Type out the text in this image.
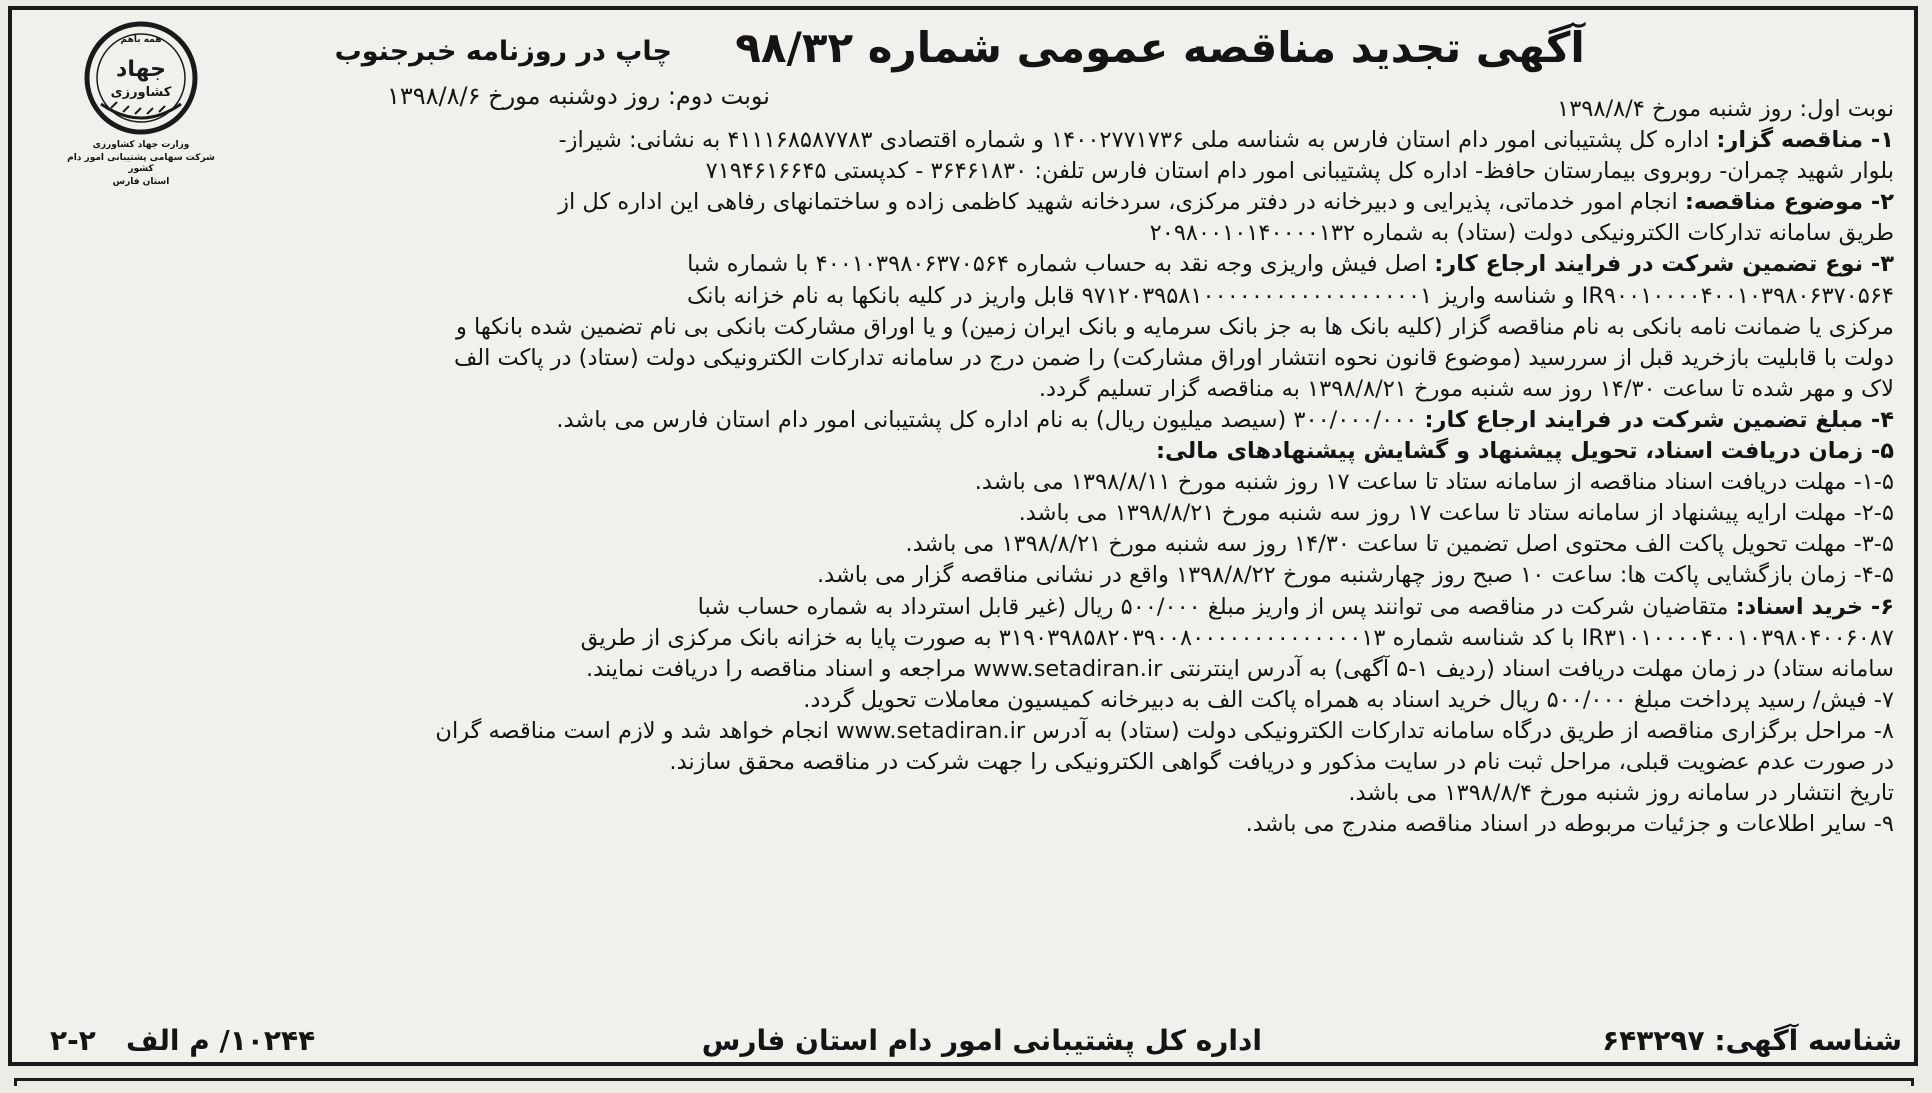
همه باهم
جهاد
کشاورزی
وزارت جهاد کشاورزی
شرکت سهامی پشتیبانی امور دام کشور
استان فارس
چاپ در روزنامه خبرجنوب	آگهی تجدید مناقصه عمومی شماره ۹۸/۳۲
نوبت دوم: روز دوشنبه مورخ ۱۳۹۸/۸/۶	نوبت اول: روز شنبه مورخ ۱۳۹۸/۸/۴
۱- مناقصه گزار: اداره کل پشتیبانی امور دام استان فارس به شناسه ملی ۱۴۰۰۲۷۷۱۷۳۶ و شماره اقتصادی ۴۱۱۱۶۸۵۸۷۷۸۳ به نشانی: شیراز-
بلوار شهید چمران- روبروی بیمارستان حافظ- اداره کل پشتیبانی امور دام استان فارس تلفن: ۳۶۴۶۱۸۳۰ - کدپستی ۷۱۹۴۶۱۶۶۴۵
۲- موضوع مناقصه: انجام امور خدماتی، پذیرایی و دبیرخانه در دفتر مرکزی، سردخانه شهید کاظمی زاده و ساختمانهای رفاهی این اداره کل از
طریق سامانه تدارکات الکترونیکی دولت (ستاد) به شماره ۲۰۹۸۰۰۱۰۱۴۰۰۰۰۱۳۲
۳- نوع تضمین شرکت در فرایند ارجاع کار: اصل فیش واریزی وجه نقد به حساب شماره ۴۰۰۱۰۳۹۸۰۶۳۷۰۵۶۴ با شماره شبا
IR۹۰۰۱۰۰۰۰۴۰۰۱۰۳۹۸۰۶۳۷۰۵۶۴ و شناسه واریز ۹۷۱۲۰۳۹۵۸۱۰۰۰۰۰۰۰۰۰۰۰۰۰۰۰۰۰۰۱ قابل واریز در کلیه بانکها به نام خزانه بانک
مرکزی یا ضمانت نامه بانکی به نام مناقصه گزار (کلیه بانک ها به جز بانک سرمایه و بانک ایران زمین) و یا اوراق مشارکت بانکی بی نام تضمین شده بانکها و
دولت با قابلیت بازخرید قبل از سررسید (موضوع قانون نحوه انتشار اوراق مشارکت) را ضمن درج در سامانه تدارکات الکترونیکی دولت (ستاد) در پاکت الف
لاک و مهر شده تا ساعت ۱۴/۳۰ روز سه شنبه مورخ ۱۳۹۸/۸/۲۱ به مناقصه گزار تسلیم گردد.
۴- مبلغ تضمین شرکت در فرایند ارجاع کار: ۳۰۰/۰۰۰/۰۰۰ (سیصد میلیون ریال) به نام اداره کل پشتیبانی امور دام استان فارس می باشد.
۵- زمان دریافت اسناد، تحویل پیشنهاد و گشایش پیشنهادهای مالی:
۱-۵- مهلت دریافت اسناد مناقصه از سامانه ستاد تا ساعت ۱۷ روز شنبه مورخ ۱۳۹۸/۸/۱۱ می باشد.
۲-۵- مهلت ارایه پیشنهاد از سامانه ستاد تا ساعت ۱۷ روز سه شنبه مورخ ۱۳۹۸/۸/۲۱ می باشد.
۳-۵- مهلت تحویل پاکت الف محتوی اصل تضمین تا ساعت ۱۴/۳۰ روز سه شنبه مورخ ۱۳۹۸/۸/۲۱ می باشد.
۴-۵- زمان بازگشایی پاکت ها: ساعت ۱۰ صبح روز چهارشنبه مورخ ۱۳۹۸/۸/۲۲ واقع در نشانی مناقصه گزار می باشد.
۶- خرید اسناد: متقاضیان شرکت در مناقصه می توانند پس از واریز مبلغ ۵۰۰/۰۰۰ ریال (غیر قابل استرداد به شماره حساب شبا
IR۳۱۰۱۰۰۰۰۴۰۰۱۰۳۹۸۰۴۰۰۶۰۸۷ با کد شناسه شماره ۳۱۹۰۳۹۸۵۸۲۰۳۹۰۰۸۰۰۰۰۰۰۰۰۰۰۰۰۰۰۱۳ به صورت پایا به خزانه بانک مرکزی از طریق
سامانه ستاد) در زمان مهلت دریافت اسناد (ردیف ۱-۵ آگهی) به آدرس اینترنتی www.setadiran.ir مراجعه و اسناد مناقصه را دریافت نمایند.
۷- فیش/ رسید پرداخت مبلغ ۵۰۰/۰۰۰ ریال خرید اسناد به همراه پاکت الف به دبیرخانه کمیسیون معاملات تحویل گردد.
۸- مراحل برگزاری مناقصه از طریق درگاه سامانه تدارکات الکترونیکی دولت (ستاد) به آدرس www.setadiran.ir انجام خواهد شد و لازم است مناقصه گران
در صورت عدم عضویت قبلی، مراحل ثبت نام در سایت مذکور و دریافت گواهی الکترونیکی را جهت شرکت در مناقصه محقق سازند.
تاریخ انتشار در سامانه روز شنبه مورخ ۱۳۹۸/۸/۴ می باشد.
۹- سایر اطلاعات و جزئیات مربوطه در اسناد مناقصه مندرج می باشد.
شناسه آگهی: ۶۴۳۲۹۷
اداره کل پشتیبانی امور دام استان فارس
۱۰۲۴۴/ م الف
۲-۲
